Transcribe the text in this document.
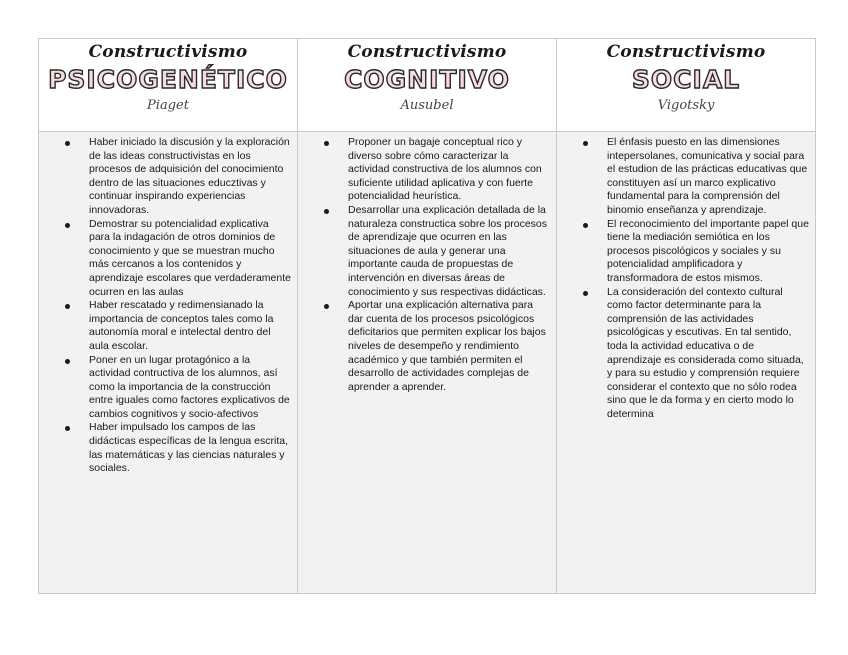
Constructivismo
PSICOGENÉTICO
Piaget
Constructivismo
COGNITIVO
Ausubel
Constructivismo
SOCIAL
Vigotsky
Haber iniciado la discusión y la exploración de las ideas constructivistas en los procesos de adquisición del conocimiento dentro de las situaciones educztivas y continuar inspirando experiencias innovadoras.
Demostrar su potencialidad explicativa para la indagación de otros dominios de conocimiento y que se muestran mucho más cercanos a los contenidos y aprendizaje escolares que verdaderamente ocurren en las aulas
Haber rescatado y redimensianado la importancia de conceptos tales como la autonomía moral e intelectal dentro del aula escolar.
Poner en un lugar protagónico a la actividad contructiva de los alumnos, así como la importancia de la construcción entre iguales como factores explicativos de cambios cognitivos y socio-afectivos
Haber impulsado los campos de las didácticas específicas de la lengua escrita, las matemáticas y las ciencias naturales y sociales.
Proponer un bagaje conceptual rico y diverso sobre cómo caracterizar la actividad constructiva de los alumnos con suficiente utilidad aplicativa y con fuerte potencialidad heurística.
Desarrollar una explicación detallada de la naturaleza constructica sobre los procesos de aprendizaje que ocurren en las situaciones de aula y generar una importante cauda de propuestas de intervención en diversas áreas de conocimiento y sus respectivas didácticas.
Aportar una explicación alternativa para dar cuenta de los procesos psicológicos deficitarios que permiten explicar los bajos niveles de desempeño y rendimiento académico y que también permiten el desarrollo de actividades complejas de aprender a aprender.
El énfasis puesto en las dimensiones intepersolanes, comunicativa y social para el estudion de las prácticas educativas que constituyen así un marco explicativo fundamental para la comprensión del binomio enseñanza y aprendizaje.
El reconocimiento del importante papel que tiene la mediación semiótica en los procesos piscológicos y sociales y su potencialidad amplificadora y transformadora de estos mismos.
La consideración del contexto cultural como factor determinante para la comprensión de las actividades psicológicas y escutivas. En tal sentido, toda la actividad educativa o de aprendizaje es considerada como situada, y para su estudio y comprensión requiere considerar el contexto que no sólo rodea sino que le da forma y en cierto modo lo determina
